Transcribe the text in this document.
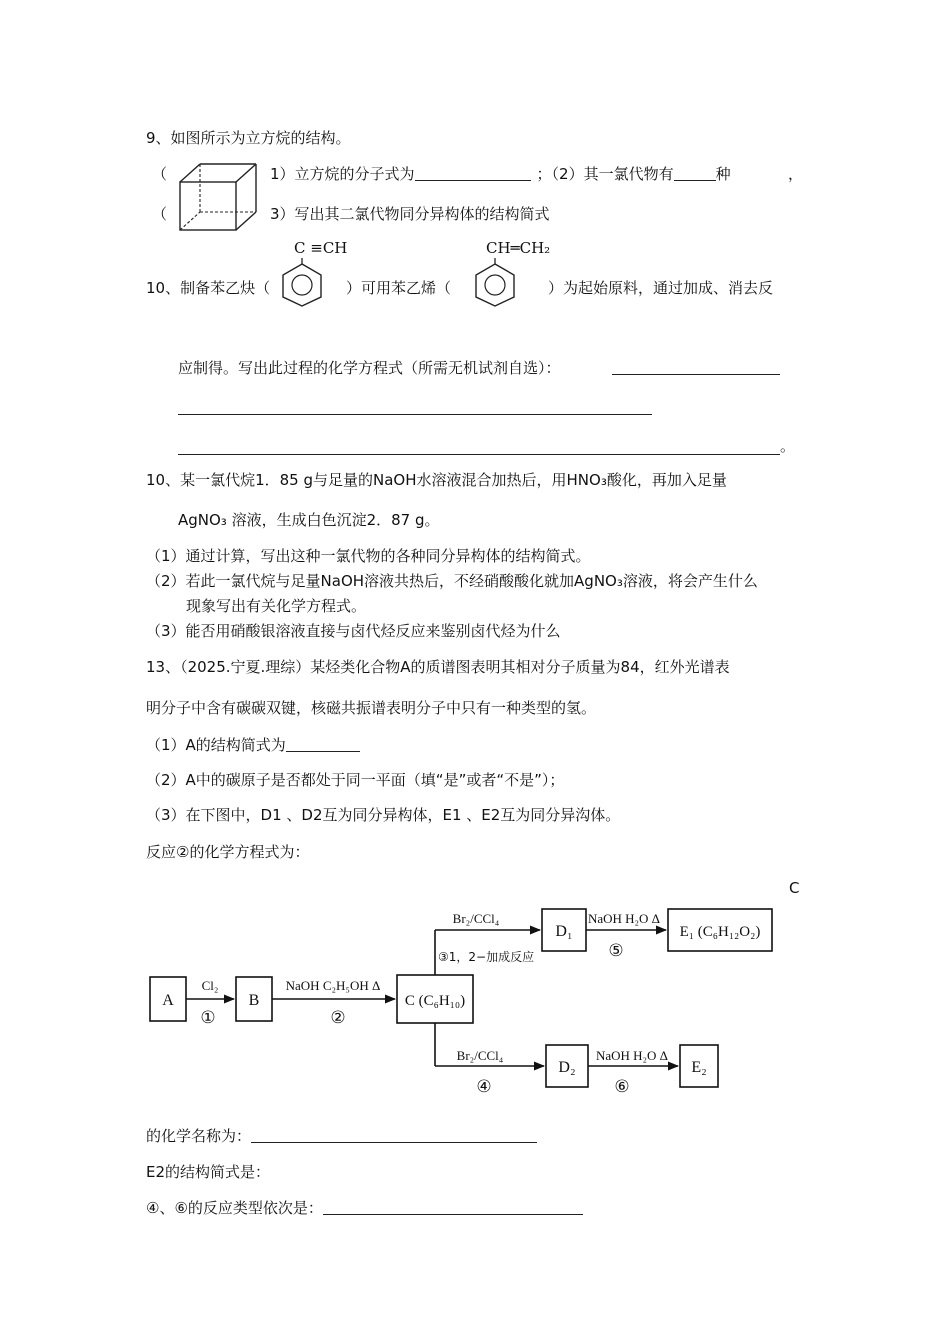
9、如图所示为立方烷的结构。
（	1）立方烷的分子式为	；（2）其一氯代物有	种	，
（	3）写出其二氯代物同分异构体的结构简式
C ≡CH	CH═CH₂
10、制备苯乙炔（	）可用苯乙烯（	）为起始原料，通过加成、消去反
应制得。写出此过程的化学方程式（所需无机试剂自选）：
。
10、某一氯代烷1．85 g与足量的NaOH水溶液混合加热后，用HNO₃酸化，再加入足量
AgNO₃ 溶液，生成白色沉淀2．87 g。
（1）通过计算，写出这种一氯代物的各种同分异构体的结构简式。
（2）若此一氯代烷与足量NaOH溶液共热后，不经硝酸酸化就加AgNO₃溶液，将会产生什么
现象写出有关化学方程式。
（3）能否用硝酸银溶液直接与卤代烃反应来鉴别卤代烃为什么
13、（2025.宁夏.理综）某烃类化合物A的质谱图表明其相对分子质量为84，红外光谱表
明分子中含有碳碳双键，核磁共振谱表明分子中只有一种类型的氢。
（1）A的结构简式为
（2）A中的碳原子是否都处于同一平面（填“是”或者“不是”）；
（3）在下图中，D1 、D2互为同分异构体，E1 、E2互为同分异沟体。
反应②的化学方程式为：
C
A	B	C (C₆H₁₀)
D₁	E₁ (C₆H₁₂O₂)
D₂	E₂
Cl₂
①
NaOH C₂H₅OH Δ
②
Br₂/CCl₄
③1，2−加成反应
Br₂/CCl₄
④
NaOH H₂O Δ
⑤
NaOH H₂O Δ
⑥
的化学名称为：
E2的结构简式是：
④、⑥的反应类型依次是：
